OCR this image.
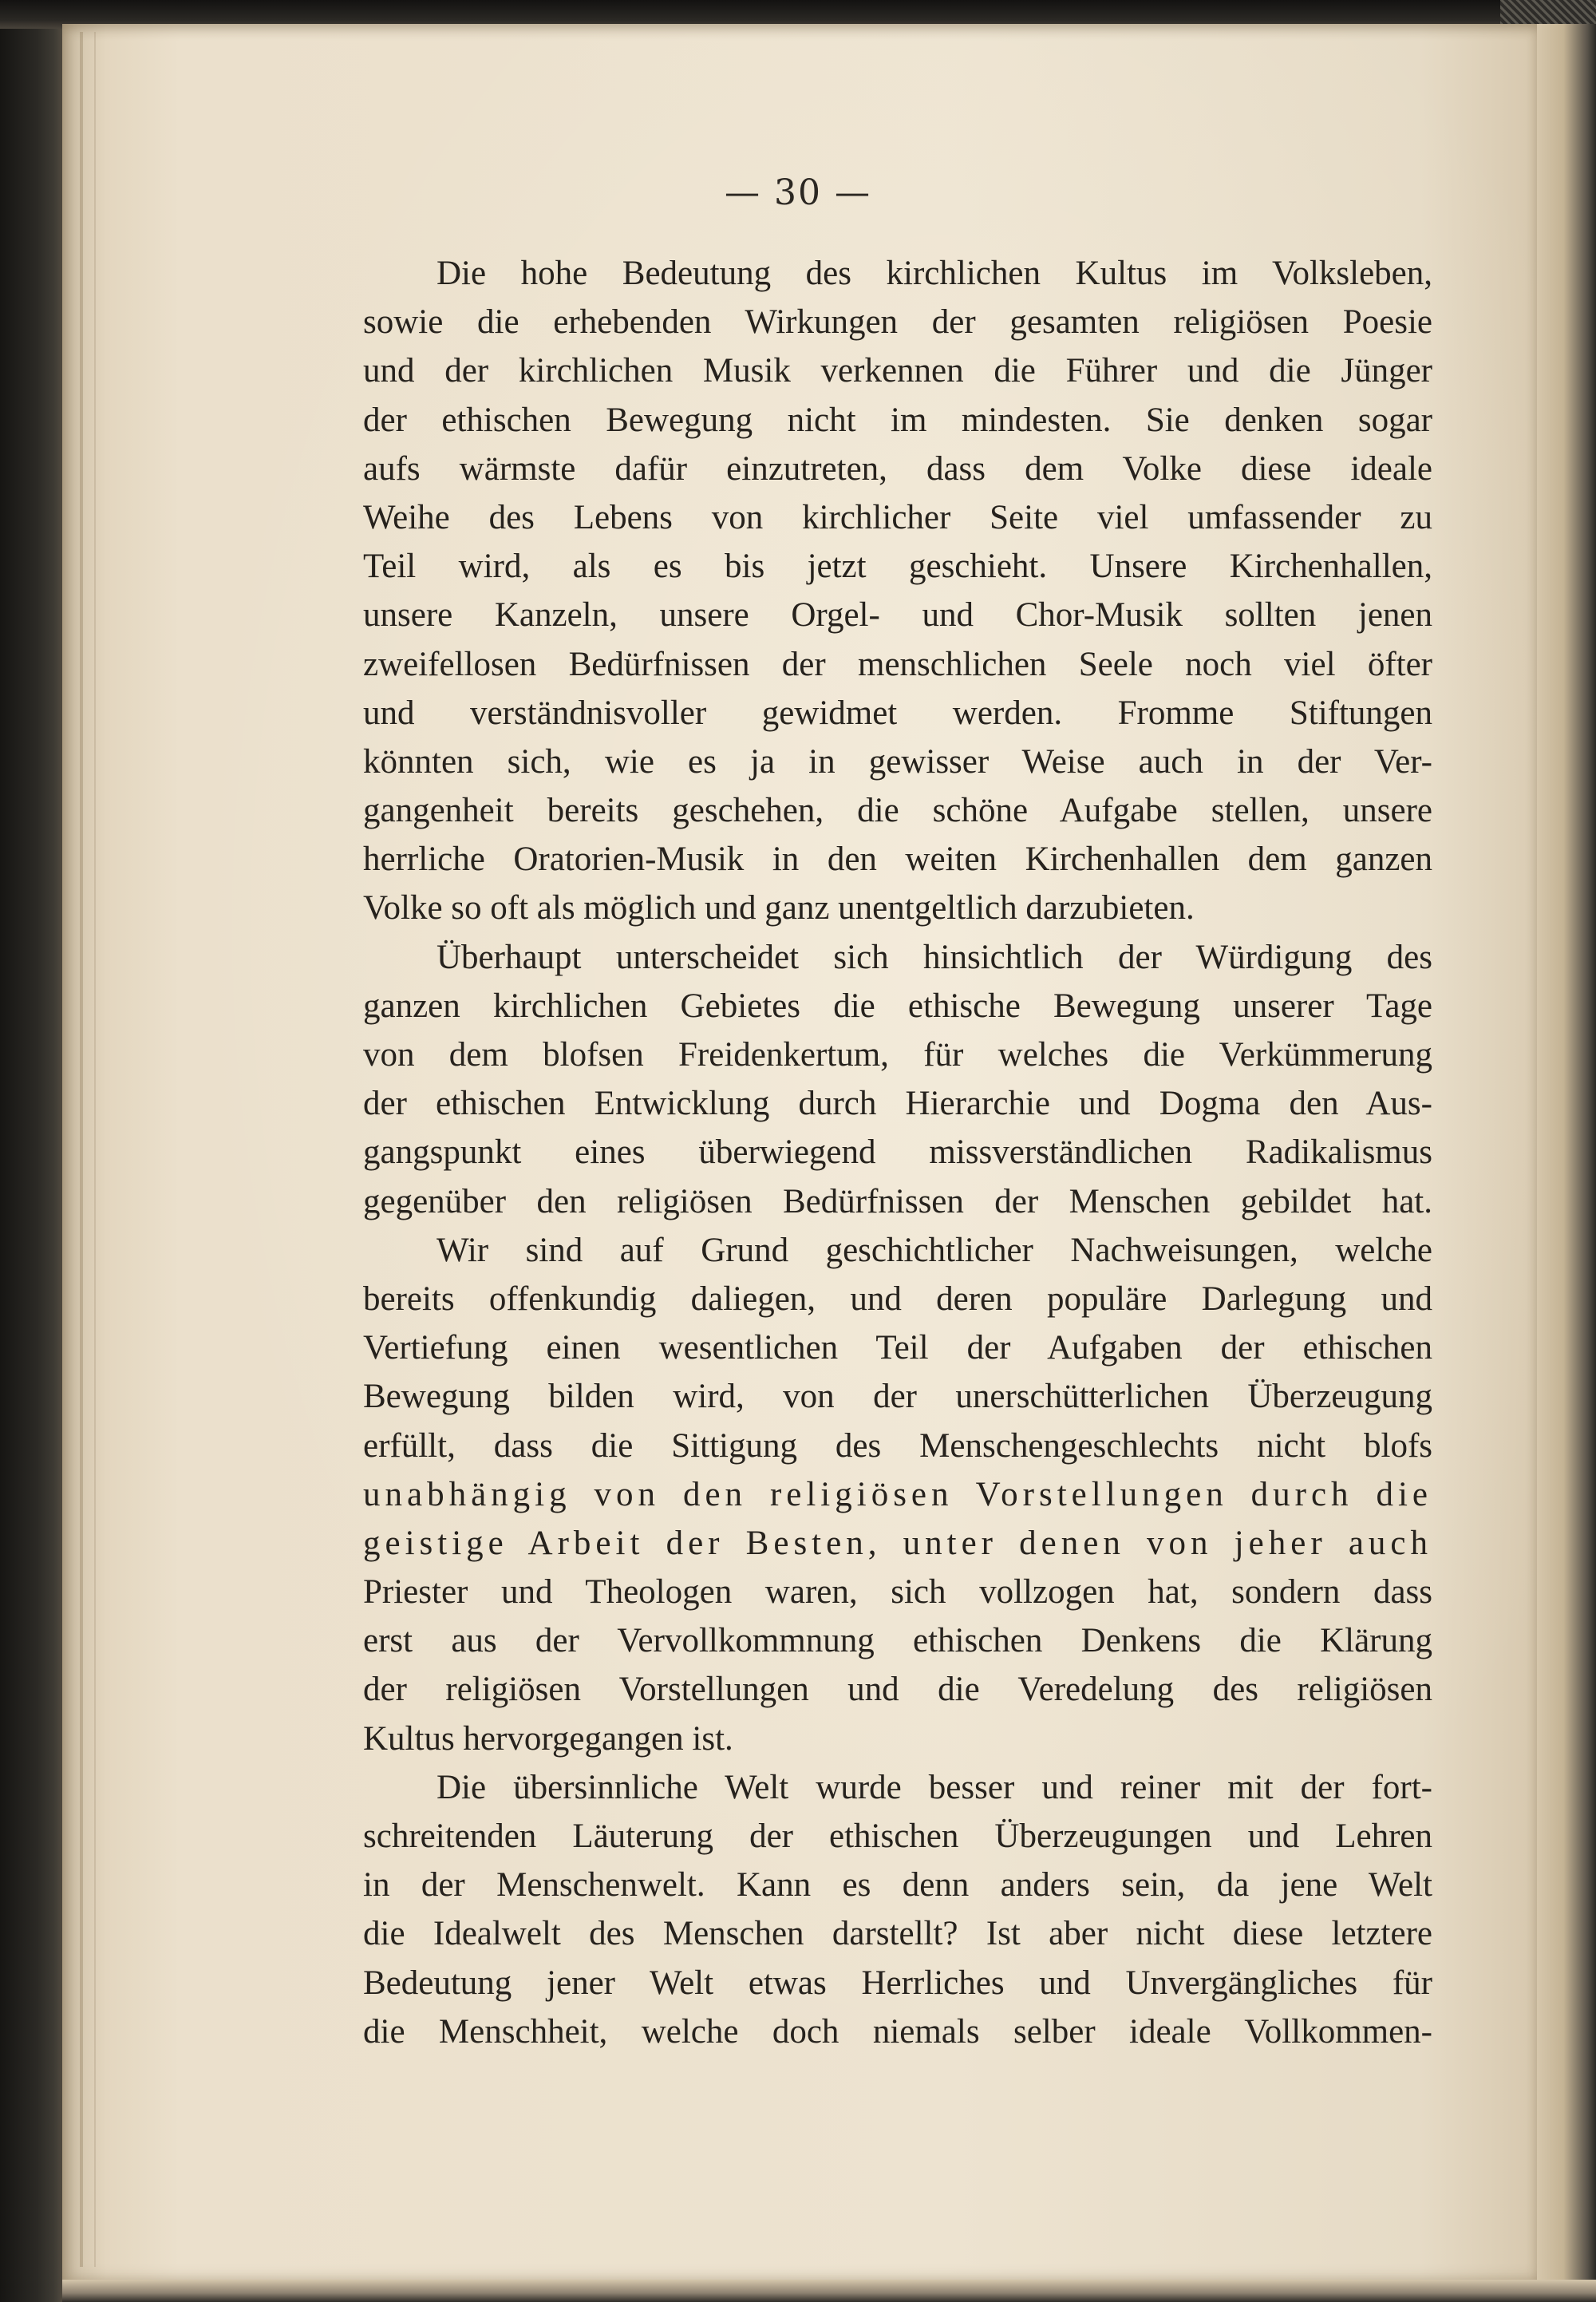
— 30 —
Die hohe Bedeutung des kirchlichen Kultus im Volksleben,
sowie die erhebenden Wirkungen der gesamten religiösen Poesie
und der kirchlichen Musik verkennen die Führer und die Jünger
der ethischen Bewegung nicht im mindesten. Sie denken sogar
aufs wärmste dafür einzutreten, dass dem Volke diese ideale
Weihe des Lebens von kirchlicher Seite viel umfassender zu
Teil wird, als es bis jetzt geschieht. Unsere Kirchenhallen,
unsere Kanzeln, unsere Orgel- und Chor-Musik sollten jenen
zweifellosen Bedürfnissen der menschlichen Seele noch viel öfter
und verständnisvoller gewidmet werden. Fromme Stiftungen
könnten sich, wie es ja in gewisser Weise auch in der Ver-
gangenheit bereits geschehen, die schöne Aufgabe stellen, unsere
herrliche Oratorien-Musik in den weiten Kirchenhallen dem ganzen
Volke so oft als möglich und ganz unentgeltlich darzubieten.
Überhaupt unterscheidet sich hinsichtlich der Würdigung des
ganzen kirchlichen Gebietes die ethische Bewegung unserer Tage
von dem blofsen Freidenkertum, für welches die Verkümmerung
der ethischen Entwicklung durch Hierarchie und Dogma den Aus-
gangspunkt eines überwiegend missverständlichen Radikalismus
gegenüber den religiösen Bedürfnissen der Menschen gebildet hat.
Wir sind auf Grund geschichtlicher Nachweisungen, welche
bereits offenkundig daliegen, und deren populäre Darlegung und
Vertiefung einen wesentlichen Teil der Aufgaben der ethischen
Bewegung bilden wird, von der unerschütterlichen Überzeugung
erfüllt, dass die Sittigung des Menschengeschlechts nicht blofs
unabhängig von den religiösen Vorstellungen durch die
geistige Arbeit der Besten, unter denen von jeher auch
Priester und Theologen waren, sich vollzogen hat, sondern dass
erst aus der Vervollkommnung ethischen Denkens die Klärung
der religiösen Vorstellungen und die Veredelung des religiösen
Kultus hervorgegangen ist.
Die übersinnliche Welt wurde besser und reiner mit der fort-
schreitenden Läuterung der ethischen Überzeugungen und Lehren
in der Menschenwelt. Kann es denn anders sein, da jene Welt
die Idealwelt des Menschen darstellt? Ist aber nicht diese letztere
Bedeutung jener Welt etwas Herrliches und Unvergängliches für
die Menschheit, welche doch niemals selber ideale Vollkommen-
